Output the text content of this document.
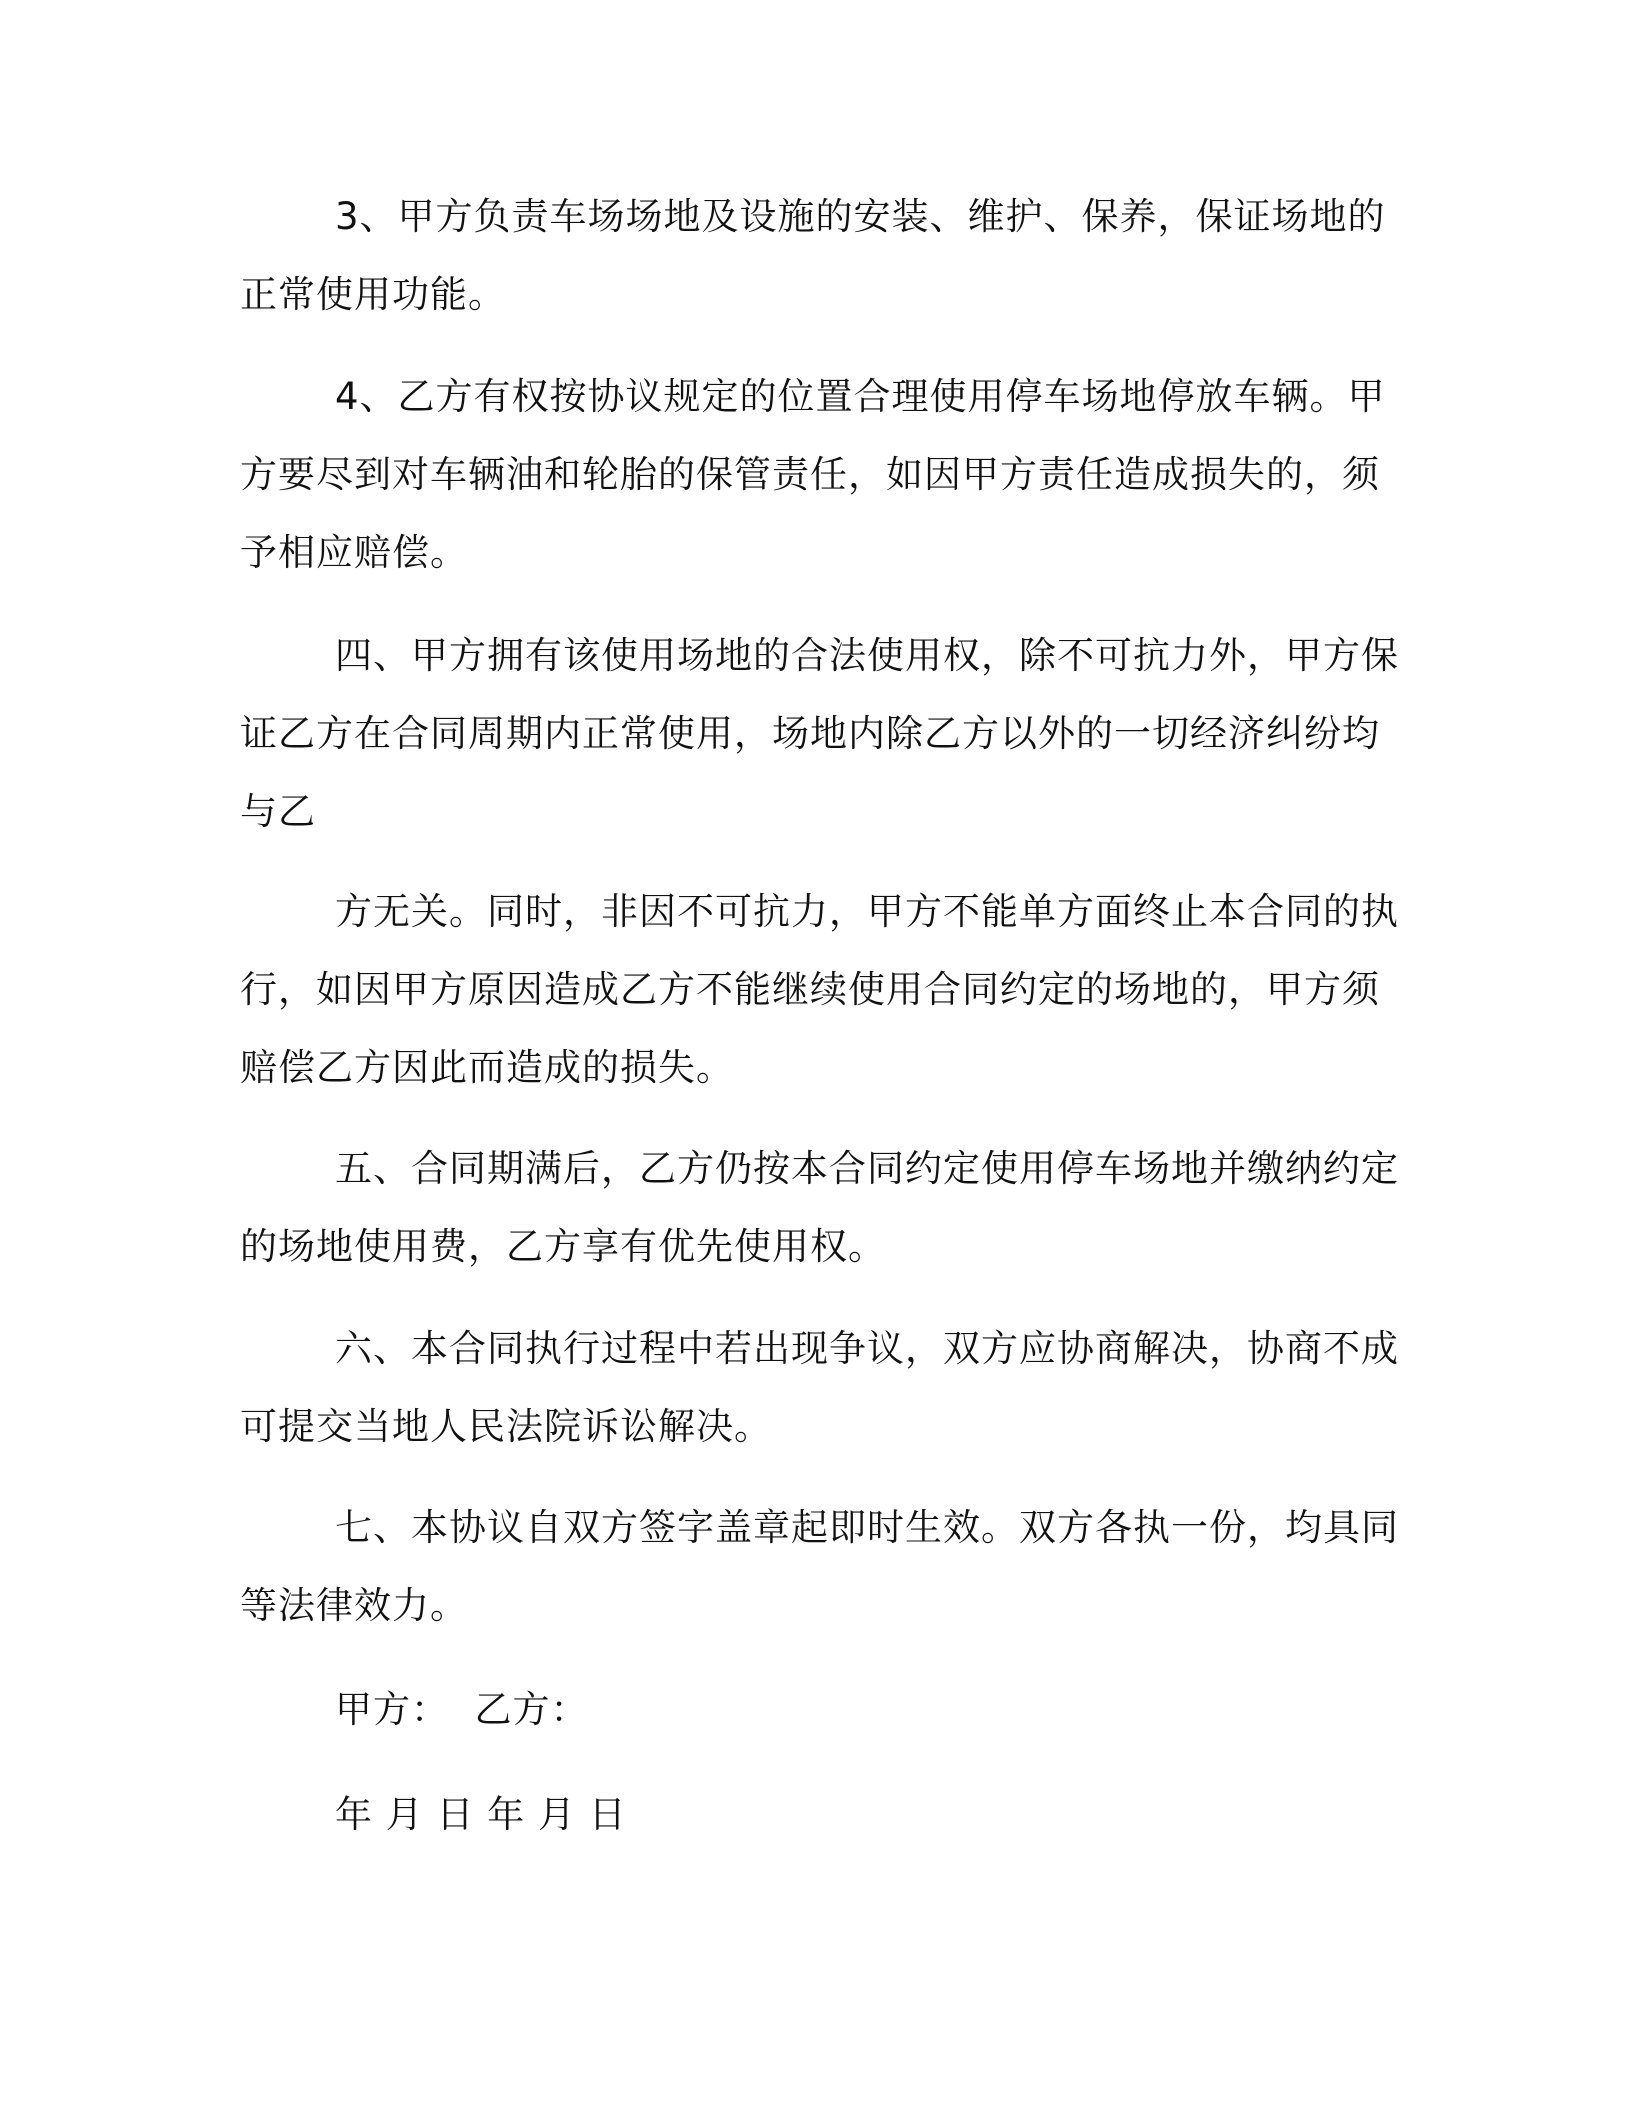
3、甲方负责车场场地及设施的安装、维护、保养，保证场地的
正常使用功能。
4、乙方有权按协议规定的位置合理使用停车场地停放车辆。甲
方要尽到对车辆油和轮胎的保管责任，如因甲方责任造成损失的，须
予相应赔偿。
四、甲方拥有该使用场地的合法使用权，除不可抗力外，甲方保
证乙方在合同周期内正常使用，场地内除乙方以外的一切经济纠纷均
与乙
方无关。同时，非因不可抗力，甲方不能单方面终止本合同的执
行，如因甲方原因造成乙方不能继续使用合同约定的场地的，甲方须
赔偿乙方因此而造成的损失。
五、合同期满后，乙方仍按本合同约定使用停车场地并缴纳约定
的场地使用费，乙方享有优先使用权。
六、本合同执行过程中若出现争议，双方应协商解决，协商不成
可提交当地人民法院诉讼解决。
七、本协议自双方签字盖章起即时生效。双方各执一份，均具同
等法律效力。
甲方：  乙方：
年 月 日 年 月 日
